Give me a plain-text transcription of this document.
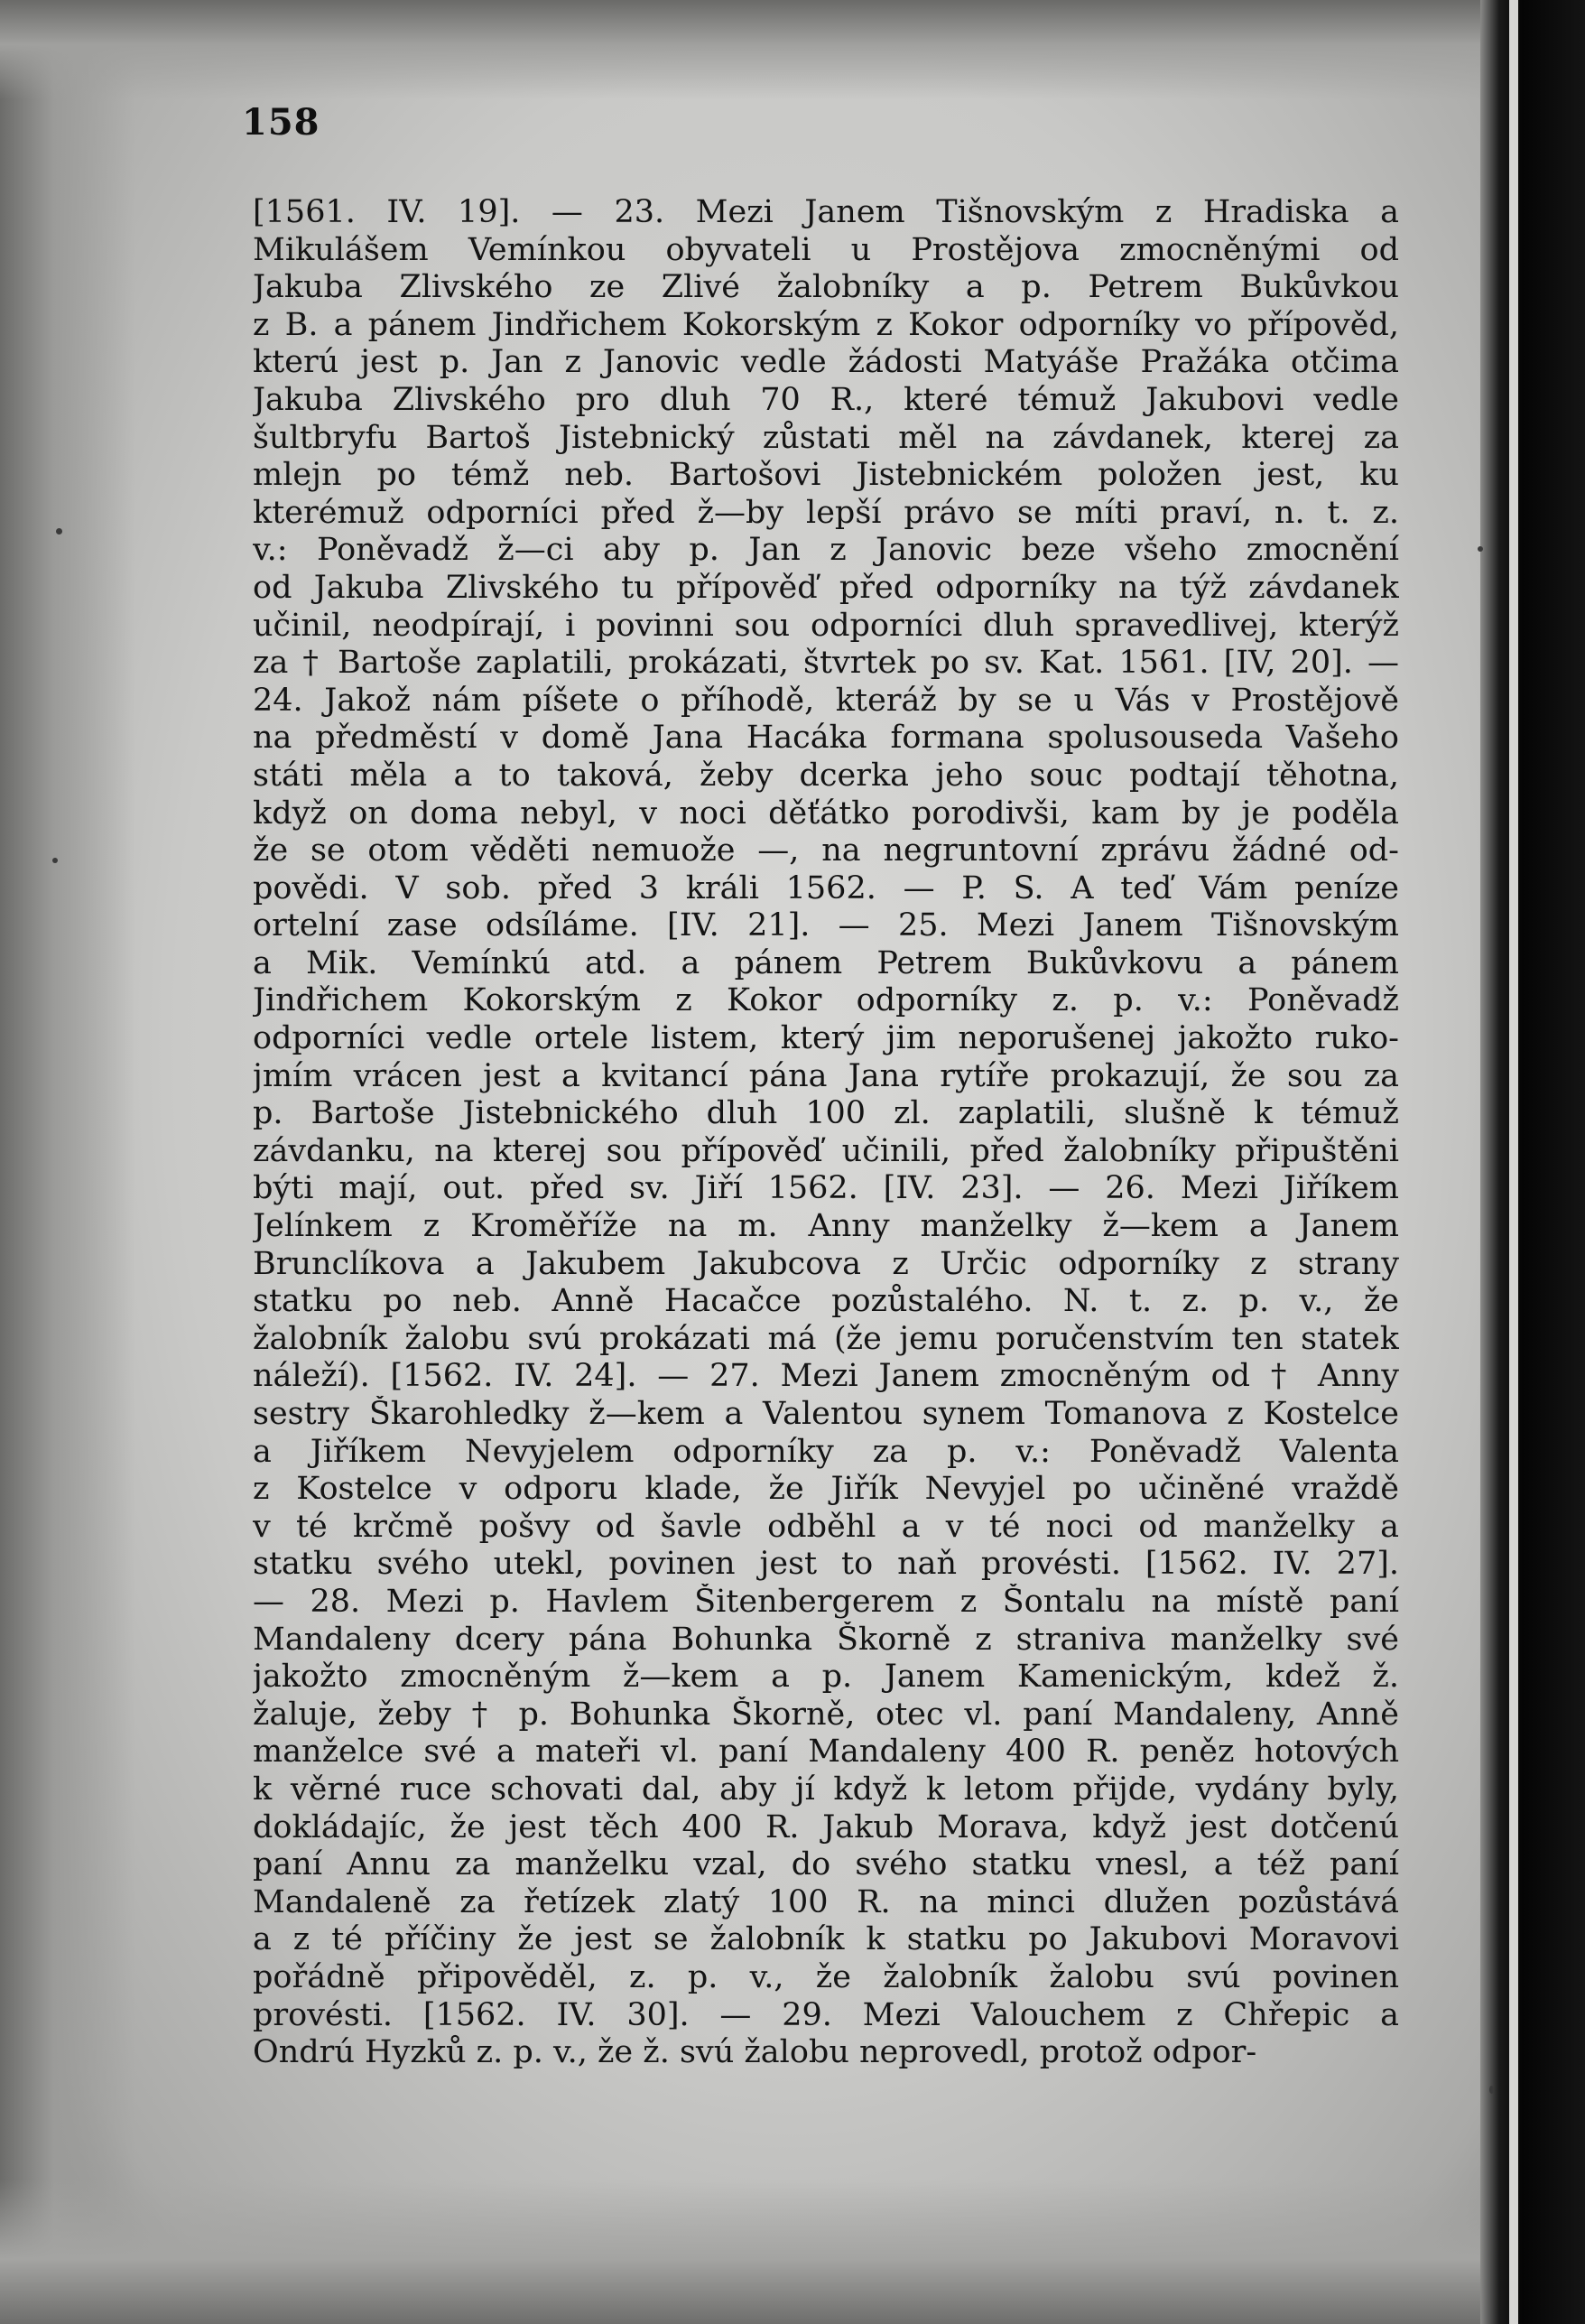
158
[1561. IV. 19]. — 23. Mezi Janem Tišnovským z Hradiska a
Mikulášem Vemínkou obyvateli u Prostějova zmocněnými od
Jakuba Zlivského ze Zlivé žalobníky a p. Petrem Bukůvkou
z B. a pánem Jindřichem Kokorským z Kokor odporníky vo přípověd,
kterú jest p. Jan z Janovic vedle žádosti Matyáše Pražáka otčima
Jakuba Zlivského pro dluh 70 R., které témuž Jakubovi vedle
šultbryfu Bartoš Jistebnický zůstati měl na závdanek, kterej za
mlejn po témž neb. Bartošovi Jistebnickém položen jest, ku
kterémuž odporníci před ž—by lepší právo se míti praví, n. t. z.
v.: Poněvadž ž—ci aby p. Jan z Janovic beze všeho zmocnění
od Jakuba Zlivského tu přípověď před odporníky na týž závdanek
učinil, neodpírají, i povinni sou odporníci dluh spravedlivej, kterýž
za † Bartoše zaplatili, prokázati, štvrtek po sv. Kat. 1561. [IV, 20]. —
24. Jakož nám píšete o příhodě, kteráž by se u Vás v Prostějově
na předměstí v domě Jana Hacáka formana spolusouseda Vašeho
státi měla a to taková, žeby dcerka jeho souc podtají těhotna,
když on doma nebyl, v noci děťátko porodivši, kam by je poděla
že se otom věděti nemuože —, na negruntovní zprávu žádné od-
povědi. V sob. před 3 králi 1562. — P. S. A teď Vám peníze
ortelní zase odsíláme. [IV. 21]. — 25. Mezi Janem Tišnovským
a Mik. Vemínkú atd. a pánem Petrem Bukůvkovu a pánem
Jindřichem Kokorským z Kokor odporníky z. p. v.: Poněvadž
odporníci vedle ortele listem, který jim neporušenej jakožto ruko-
jmím vrácen jest a kvitancí pána Jana rytíře prokazují, že sou za
p. Bartoše Jistebnického dluh 100 zl. zaplatili, slušně k témuž
závdanku, na kterej sou přípověď učinili, před žalobníky připuštěni
býti mají, out. před sv. Jiří 1562. [IV. 23]. — 26. Mezi Jiříkem
Jelínkem z Kroměříže na m. Anny manželky ž—kem a Janem
Brunclíkova a Jakubem Jakubcova z Určic odporníky z strany
statku po neb. Anně Hacačce pozůstalého. N. t. z. p. v., že
žalobník žalobu svú prokázati má (že jemu poručenstvím ten statek
náleží). [1562. IV. 24]. — 27. Mezi Janem zmocněným od † Anny
sestry Škarohledky ž—kem a Valentou synem Tomanova z Kostelce
a Jiříkem Nevyjelem odporníky za p. v.: Poněvadž Valenta
z Kostelce v odporu klade, že Jiřík Nevyjel po učiněné vraždě
v té krčmě pošvy od šavle odběhl a v té noci od manželky a
statku svého utekl, povinen jest to naň provésti. [1562. IV. 27].
— 28. Mezi p. Havlem Šitenbergerem z Šontalu na místě paní
Mandaleny dcery pána Bohunka Škorně z straniva manželky své
jakožto zmocněným ž—kem a p. Janem Kamenickým, kdež ž.
žaluje, žeby † p. Bohunka Škorně, otec vl. paní Mandaleny, Anně
manželce své a mateři vl. paní Mandaleny 400 R. peněz hotových
k věrné ruce schovati dal, aby jí když k letom přijde, vydány byly,
dokládajíc, že jest těch 400 R. Jakub Morava, když jest dotčenú
paní Annu za manželku vzal, do svého statku vnesl, a též paní
Mandaleně za řetízek zlatý 100 R. na minci dlužen pozůstává
a z té příčiny že jest se žalobník k statku po Jakubovi Moravovi
pořádně připověděl, z. p. v., že žalobník žalobu svú povinen
provésti. [1562. IV. 30]. — 29. Mezi Valouchem z Chřepic a
Ondrú Hyzků z. p. v., že ž. svú žalobu neprovedl, protož odpor-
